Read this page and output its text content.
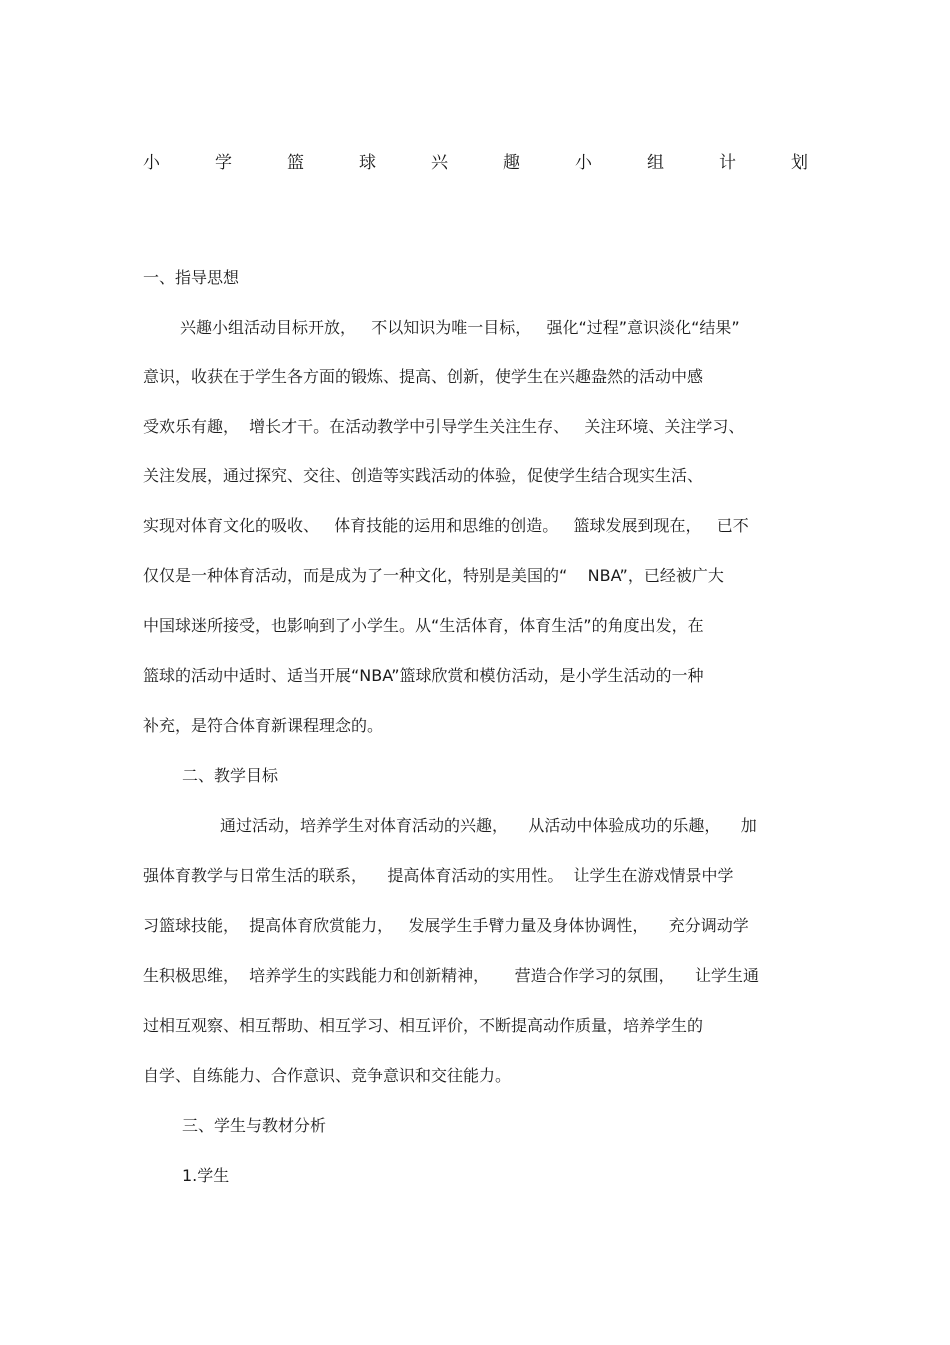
小	学	篮	球	兴	趣	小	组	计	划
一、指导思想
兴趣小组活动目标开放，   不以知识为唯一目标，   强化“过程”意识淡化“结果”
意识，收获在于学生各方面的锻炼、提高、创新，使学生在兴趣盎然的活动中感
受欢乐有趣，  增长才干。在活动教学中引导学生关注生存、   关注环境、关注学习、
关注发展，通过探究、交往、创造等实践活动的体验，促使学生结合现实生活、
实现对体育文化的吸收、   体育技能的运用和思维的创造。   篮球发展到现在，   已不
仅仅是一种体育活动，而是成为了一种文化，特别是美国的“    NBA”，已经被广大
中国球迷所接受，也影响到了小学生。从“生活体育，体育生活”的角度出发，在
篮球的活动中适时、适当开展“NBA”篮球欣赏和模仿活动，是小学生活动的一种
补充，是符合体育新课程理念的。
二、教学目标
通过活动，培养学生对体育活动的兴趣，    从活动中体验成功的乐趣，    加
强体育教学与日常生活的联系，    提高体育活动的实用性。  让学生在游戏情景中学
习篮球技能，  提高体育欣赏能力，   发展学生手臂力量及身体协调性，    充分调动学
生积极思维，  培养学生的实践能力和创新精神，     营造合作学习的氛围，    让学生通
过相互观察、相互帮助、相互学习、相互评价，不断提高动作质量，培养学生的
自学、自练能力、合作意识、竞争意识和交往能力。
三、学生与教材分析
1.学生
